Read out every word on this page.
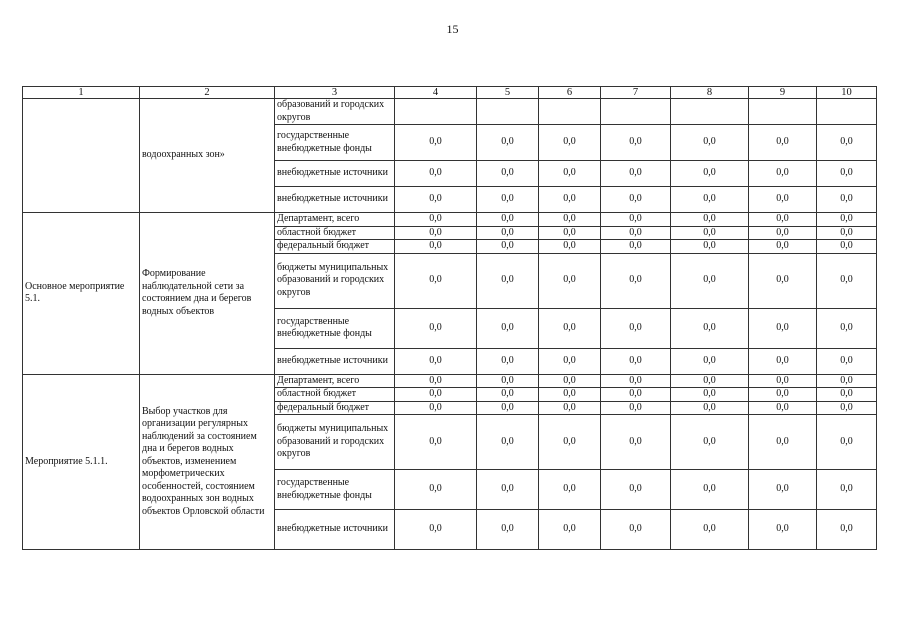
15
1	2	3	4	5	6	7	8	9	10
	водоохранных зон»	образований и городских округов							
		государственные внебюджетные фонды	0,0	0,0	0,0	0,0	0,0	0,0	0,0
		внебюджетные источники	0,0	0,0	0,0	0,0	0,0	0,0	0,0
		внебюджетные источники	0,0	0,0	0,0	0,0	0,0	0,0	0,0
Основное мероприятие 5.1.	Формирование наблюдательной сети за состоянием дна и берегов водных объектов	Департамент, всего	0,0	0,0	0,0	0,0	0,0	0,0	0,0
		областной бюджет	0,0	0,0	0,0	0,0	0,0	0,0	0,0
		федеральный бюджет	0,0	0,0	0,0	0,0	0,0	0,0	0,0
		бюджеты муниципальных образований и городских округов	0,0	0,0	0,0	0,0	0,0	0,0	0,0
		государственные внебюджетные фонды	0,0	0,0	0,0	0,0	0,0	0,0	0,0
		внебюджетные источники	0,0	0,0	0,0	0,0	0,0	0,0	0,0
Мероприятие 5.1.1.	Выбор участков для организации регулярных наблюдений за состоянием дна и берегов водных объектов, изменением морфометрических особенностей, состоянием водоохранных зон водных объектов Орловской области	Департамент, всего	0,0	0,0	0,0	0,0	0,0	0,0	0,0
		областной бюджет	0,0	0,0	0,0	0,0	0,0	0,0	0,0
		федеральный бюджет	0,0	0,0	0,0	0,0	0,0	0,0	0,0
		бюджеты муниципальных образований и городских округов	0,0	0,0	0,0	0,0	0,0	0,0	0,0
		государственные внебюджетные фонды	0,0	0,0	0,0	0,0	0,0	0,0	0,0
		внебюджетные источники	0,0	0,0	0,0	0,0	0,0	0,0	0,0
